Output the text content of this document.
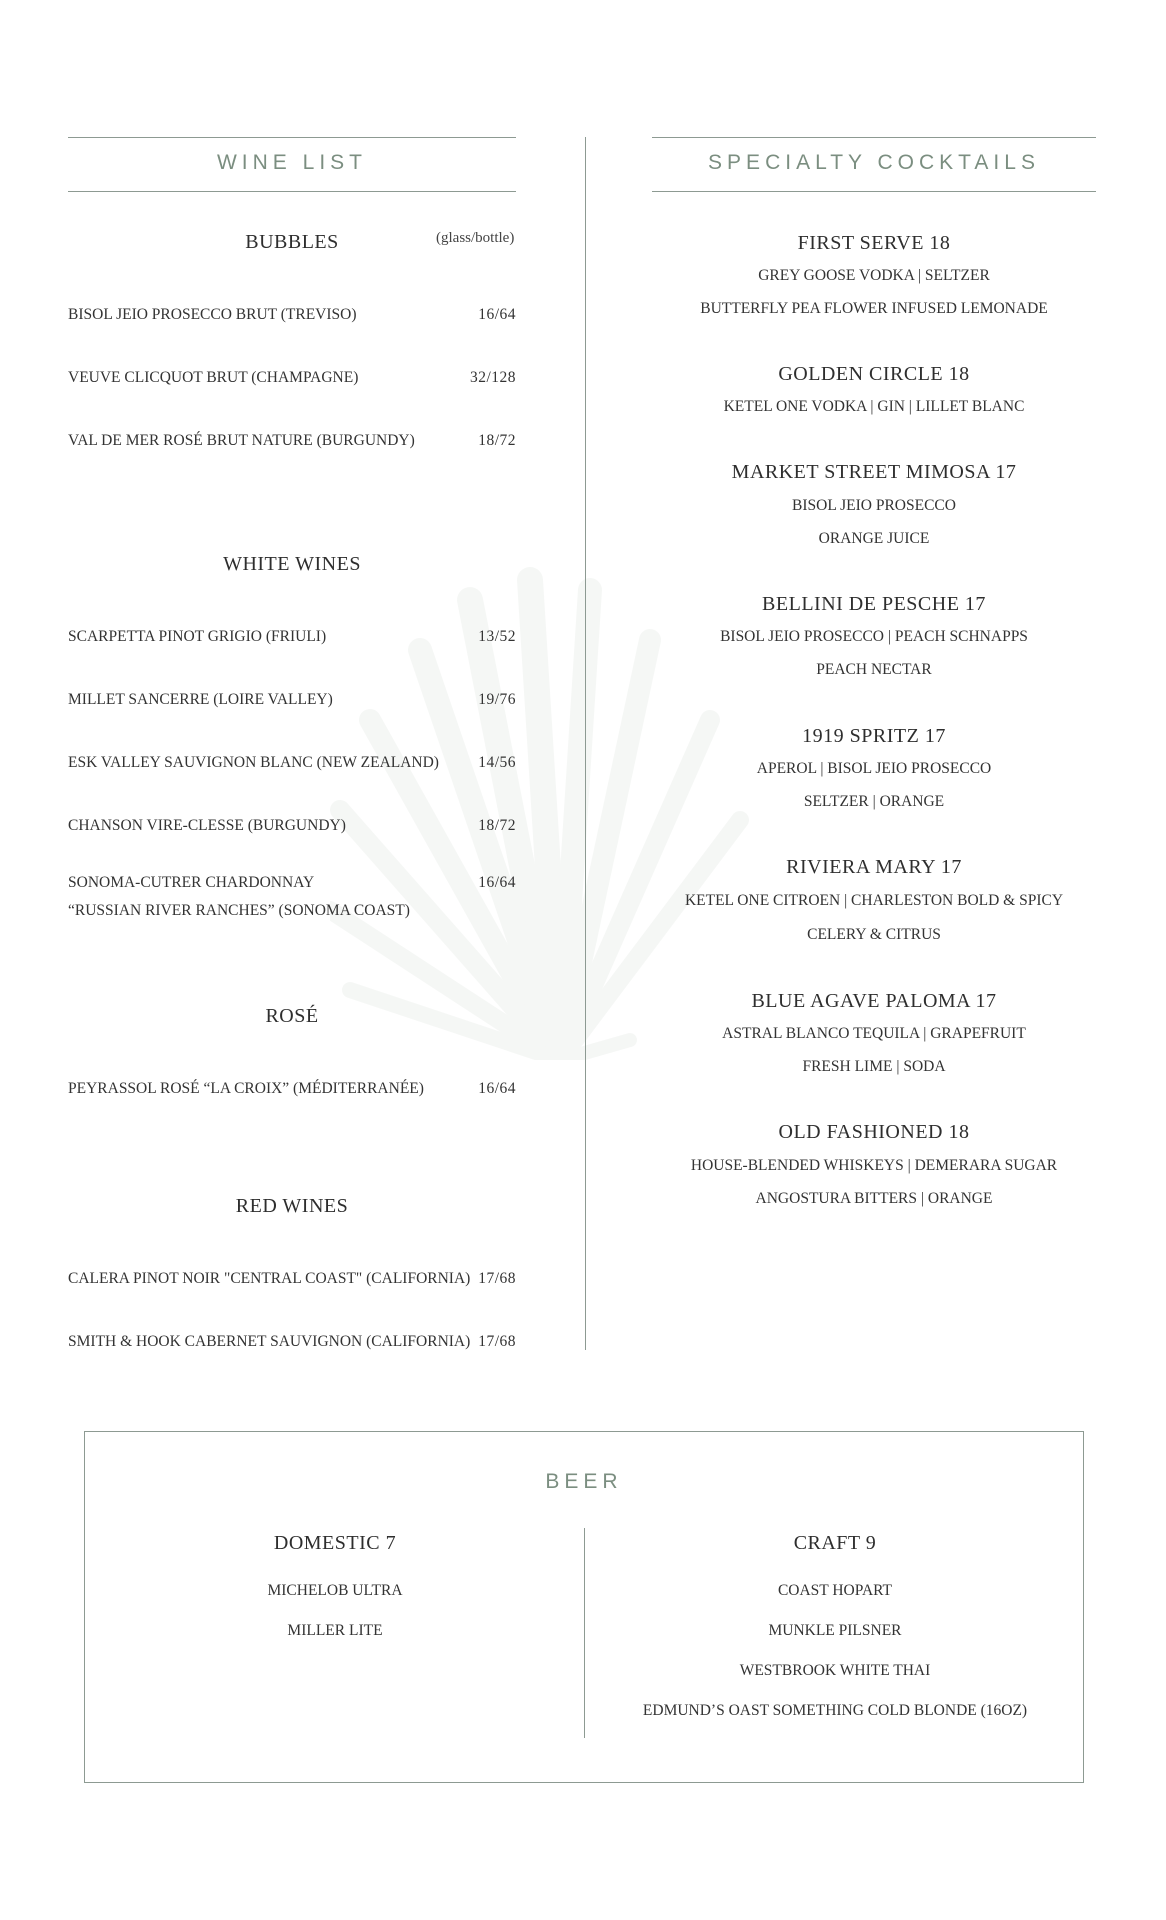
WINE LIST
BUBBLES	(glass/bottle)
BISOL JEIO PROSECCO BRUT (TREVISO)	16/64
VEUVE CLICQUOT BRUT (CHAMPAGNE)	32/128
VAL DE MER ROSÉ BRUT NATURE (BURGUNDY)	18/72
WHITE WINES
SCARPETTA PINOT GRIGIO (FRIULI)	13/52
MILLET SANCERRE (LOIRE VALLEY)	19/76
ESK VALLEY SAUVIGNON BLANC (NEW ZEALAND)	14/56
CHANSON VIRE-CLESSE (BURGUNDY)	18/72
SONOMA-CUTRER CHARDONNAY	16/64
“RUSSIAN RIVER RANCHES” (SONOMA COAST)
ROSÉ
PEYRASSOL ROSÉ “LA CROIX” (MÉDITERRANÉE)	16/64
RED WINES
CALERA PINOT NOIR "CENTRAL COAST" (CALIFORNIA) 17/68
SMITH & HOOK CABERNET SAUVIGNON (CALIFORNIA) 17/68
SPECIALTY COCKTAILS
FIRST SERVE 18
GREY GOOSE VODKA | SELTZER
BUTTERFLY PEA FLOWER INFUSED LEMONADE
GOLDEN CIRCLE 18
KETEL ONE VODKA | GIN | LILLET BLANC
MARKET STREET MIMOSA 17
BISOL JEIO PROSECCO
ORANGE JUICE
BELLINI DE PESCHE 17
BISOL JEIO PROSECCO | PEACH SCHNAPPS
PEACH NECTAR
1919 SPRITZ 17
APEROL | BISOL JEIO PROSECCO
SELTZER | ORANGE
RIVIERA MARY 17
KETEL ONE CITROEN | CHARLESTON BOLD & SPICY
CELERY & CITRUS
BLUE AGAVE PALOMA 17
ASTRAL BLANCO TEQUILA | GRAPEFRUIT
FRESH LIME | SODA
OLD FASHIONED 18
HOUSE-BLENDED WHISKEYS | DEMERARA SUGAR
ANGOSTURA BITTERS | ORANGE
BEER
DOMESTIC 7
MICHELOB ULTRA
MILLER LITE
CRAFT 9
COAST HOPART
MUNKLE PILSNER
WESTBROOK WHITE THAI
EDMUND’S OAST SOMETHING COLD BLONDE (16OZ)
